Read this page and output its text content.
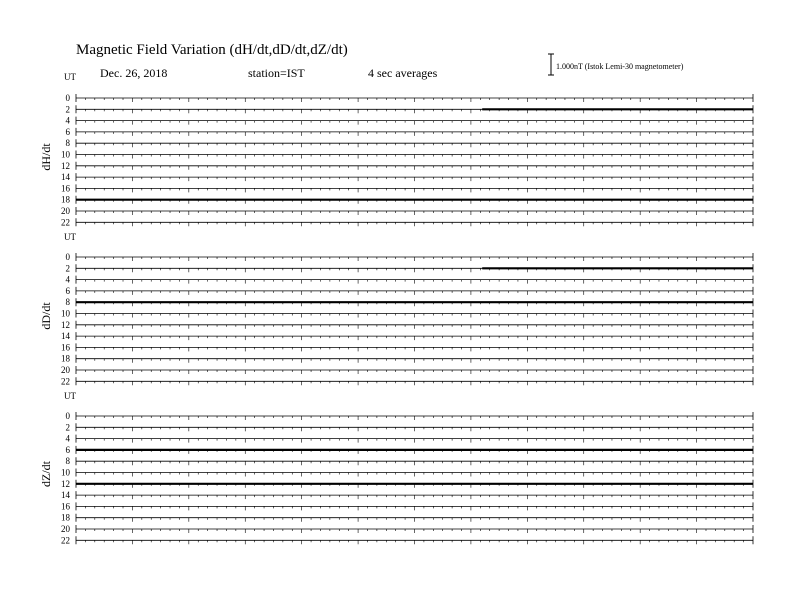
Magnetic Field Variation (dH/dt,dD/dt,dZ/dt)
Dec. 26, 2018	station=IST	4 sec averages	1.000nT (Istok Lemi-30 magnetometer)
UT
dH/dt
0
2
4
6
8
10
12
14
16
18
20
22
UT
dD/dt
0
2
4
6
8
10
12
14
16
18
20
22
UT
dZ/dt
0
2
4
6
8
10
12
14
16
18
20
22
